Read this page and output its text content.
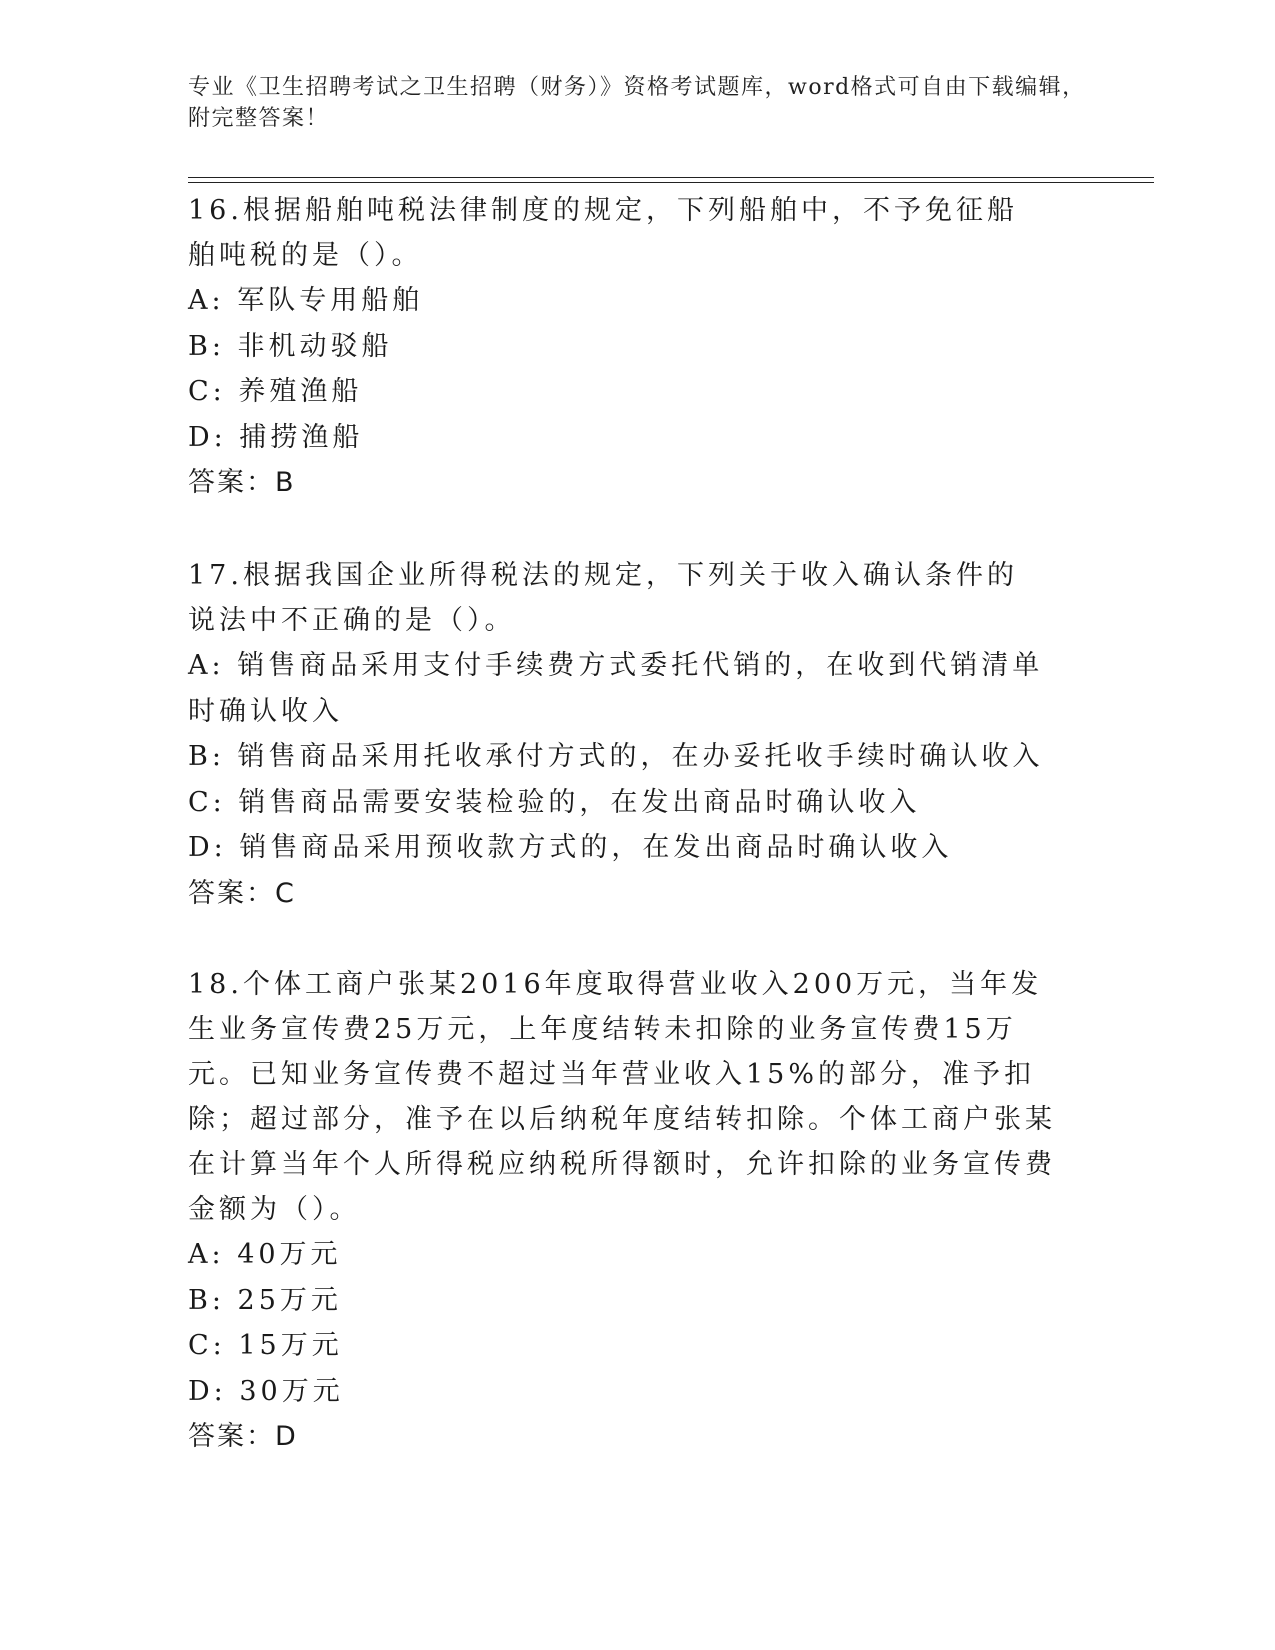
专业《卫生招聘考试之卫生招聘（财务）》资格考试题库，word格式可自由下载编辑，附完整答案！
16.根据船舶吨税法律制度的规定，下列船舶中，不予免征船舶吨税的是（）。
A: 军队专用船舶
B: 非机动驳船
C: 养殖渔船
D: 捕捞渔船
答案：B
17.根据我国企业所得税法的规定，下列关于收入确认条件的说法中不正确的是（）。
A: 销售商品采用支付手续费方式委托代销的，在收到代销清单时确认收入
B: 销售商品采用托收承付方式的，在办妥托收手续时确认收入
C: 销售商品需要安装检验的，在发出商品时确认收入
D: 销售商品采用预收款方式的，在发出商品时确认收入
答案：C
18.个体工商户张某2016年度取得营业收入200万元，当年发生业务宣传费25万元，上年度结转未扣除的业务宣传费15万元。已知业务宣传费不超过当年营业收入15%的部分，准予扣除；超过部分，准予在以后纳税年度结转扣除。个体工商户张某在计算当年个人所得税应纳税所得额时，允许扣除的业务宣传费金额为（）。
A: 40万元
B: 25万元
C: 15万元
D: 30万元
答案：D
